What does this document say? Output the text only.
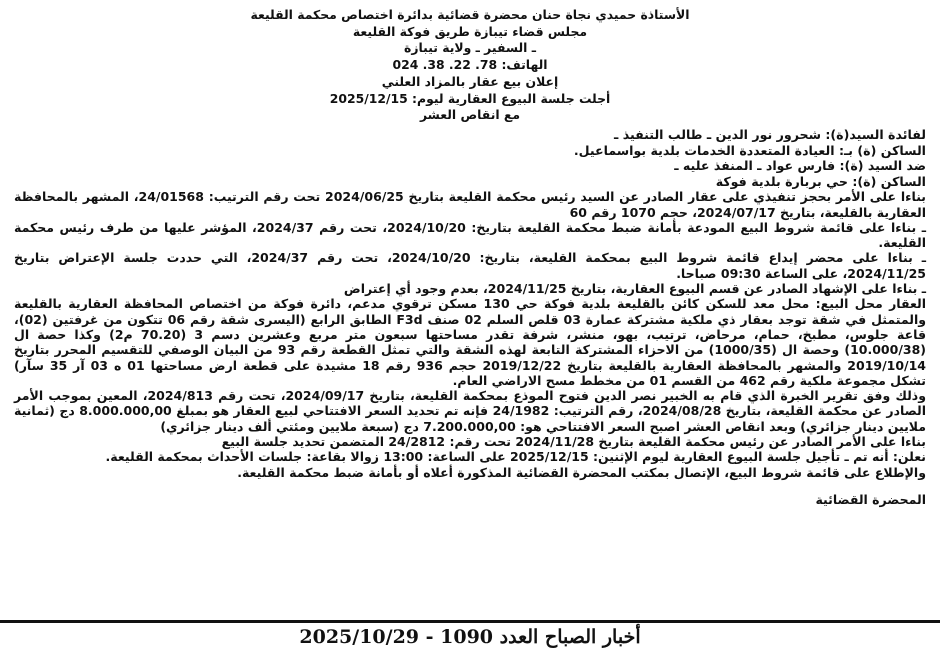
الأستاذة حميدي نجاة حنان محضرة قضائية بدائرة اختصاص محكمة القليعة
مجلس قضاء تيبازة طريق فوكة القليعة
ـ السفير ـ ولاية تيبازة
الهاتف: 024 .38 .22 .78
إعلان بيع عقار بالمزاد العلني
أجلت جلسة البيوع العقارية ليوم: 2025/12/15
مع انقاص العشر
لفائدة السيد(ة): شحرور نور الدين ـ طالب التنفيذ ـ
الساكن (ة) بـ: العيادة المتعددة الخدمات بلدية بواسماعيل.
ضد السيد (ة): فارس عواد ـ المنفذ عليه ـ
الساكن (ة): حي بربارة بلدية فوكة

بناءا على الأمر بحجز تنفيذي على عقار الصادر عن السيد رئيس محكمة القليعة بتاريخ 2024/06/25 تحت رقم الترتيب: 24/01568، المشهر بالمحافظة العقارية بالقليعة، بتاريخ 2024/07/17، حجم 1070 رقم 60

ـ بناءا على قائمة شروط البيع المودعة بأمانة ضبط محكمة القليعة بتاريخ: 2024/10/20، تحت رقم 2024/37، المؤشر عليها من طرف رئيس محكمة القليعة.

ـ بناءا على محضر إيداع قائمة شروط البيع بمحكمة القليعة، بتاريخ: 2024/10/20، تحت رقم 2024/37، التي حددت جلسة الإعتراض بتاريخ 2024/11/25، على الساعة 09:30 صباحا.

ـ بناءا على الإشهاد الصادر عن قسم البيوع العقارية، بتاريخ 2024/11/25، بعدم وجود أي إعتراض

العقار محل البيع: محل معد للسكن كائن بالقليعة بلدية فوكة حي 130 مسكن ترقوي مدعم، دائرة فوكة من اختصاص المحافظة العقارية بالقليعة والمتمثل في شقة توجد بعقار ذي ملكية مشتركة عمارة 03 قلص السلم 02 صنف F3d الطابق الرابع (اليسرى شقة رقم 06 تتكون من غرفتين (02)، قاعة جلوس، مطبخ، حمام، مرحاض، ترتيب، بهو، منشر، شرفة تقدر مساحتها سبعون متر مربع وعشرين دسم 3 (70.20 م2) وكذا حصة ال (10.000/38) وحصة ال (1000/35) من الاحزاء المشتركة التابعة لهذه الشقة والتي تمثل القطعة رقم 93 من البيان الوصفي للتقسيم المحرر بتاريخ 2019/10/14 والمشهر بالمحافظة العقارية بالقليعة بتاريخ 2019/12/22 حجم 936 رقم 18 مشيدة على قطعة ارض مساحتها 01 ه 03 آر 35 سآر) تشكل مجموعة ملكية رقم 462 من القسم 01 من مخطط مسح الاراضي العام.

وذلك وفق تقرير الخبرة الذي قام به الخبير نصر الدين فتوح الموذع بمحكمة القليعة، بتاريخ 2024/09/17، تحت رقم 2024/813، المعين بموجب الأمر الصادر عن محكمة القليعة، بتاريخ 2024/08/28، رقم الترتيب: 24/1982 فإنه تم تحديد السعر الافتتاحي لبيع العقار هو بمبلغ 8.000.000,00 دج (ثمانية ملايين دينار جزائري) وبعد انقاص العشر اصبح السعر الافتتاحي هو: 7.200.000,00 دج (سبعة ملايين ومئتي ألف دينار جزائري)

بناءا على الأمر الصادر عن رئيس محكمة القليعة بتاريخ 2024/11/28 تحت رقم: 24/2812 المتضمن تحديد جلسة البيع

نعلن: أنه تم ـ تأجيل جلسة البيوع العقارية ليوم الإثنين: 2025/12/15 على الساعة: 13:00 زوالا بقاعة: جلسات الأحداث بمحكمة القليعة.

والإطلاع على قائمة شروط البيع، الإتصال بمكتب المحضرة القضائية المذكورة أعلاه أو بأمانة ضبط محكمة القليعة.

المحضرة القضائية
أخبار الصباح العدد 1090 - 2025/10/29
